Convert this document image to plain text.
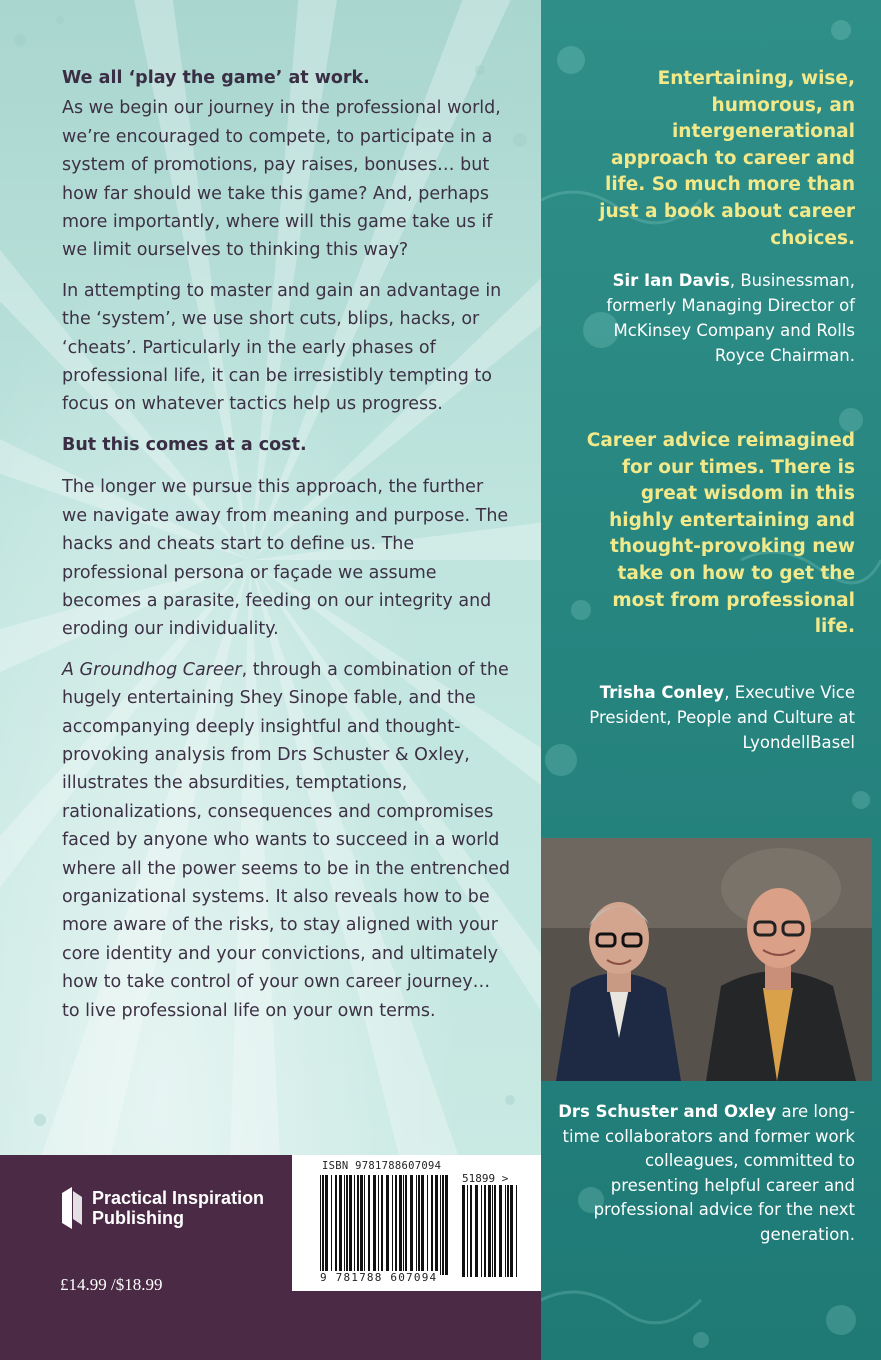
We all ‘play the game’ at work.

As we begin our journey in the professional world, we’re encouraged to compete, to participate in a system of promotions, pay raises, bonuses… but how far should we take this game? And, perhaps more importantly, where will this game take us if we limit ourselves to thinking this way?

In attempting to master and gain an advantage in the ‘system’, we use short cuts, blips, hacks, or ‘cheats’. Particularly in the early phases of professional life, it can be irresistibly tempting to focus on whatever tactics help us progress.

But this comes at a cost.

The longer we pursue this approach, the further we navigate away from meaning and purpose. The hacks and cheats start to define us. The professional persona or façade we assume becomes a parasite, feeding on our integrity and eroding our individuality.

A Groundhog Career, through a combination of the hugely entertaining Shey Sinope fable, and the accompanying deeply insightful and thought-provoking analysis from Drs Schuster & Oxley, illustrates the absurdities, temptations, rationalizations, consequences and compromises faced by anyone who wants to succeed in a world where all the power seems to be in the entrenched organizational systems. It also reveals how to be more aware of the risks, to stay aligned with your core identity and your convictions, and ultimately how to take control of your own career journey… to live professional life on your own terms.

Practical Inspiration
Publishing
£14.99 /$18.99
ISBN 9781788607094
51899 >
9 781788 607094
Entertaining, wise, humorous, an intergenerational approach to career and life. So much more than just a book about career choices.
Sir Ian Davis, Businessman, formerly Managing Director of McKinsey Company and Rolls Royce Chairman.
Career advice reimagined for our times. There is great wisdom in this highly entertaining and thought-provoking new take on how to get the most from professional life.
Trisha Conley, Executive Vice President, People and Culture at LyondellBasel
Drs Schuster and Oxley are long-time collaborators and former work colleagues, committed to presenting helpful career and professional advice for the next generation.
